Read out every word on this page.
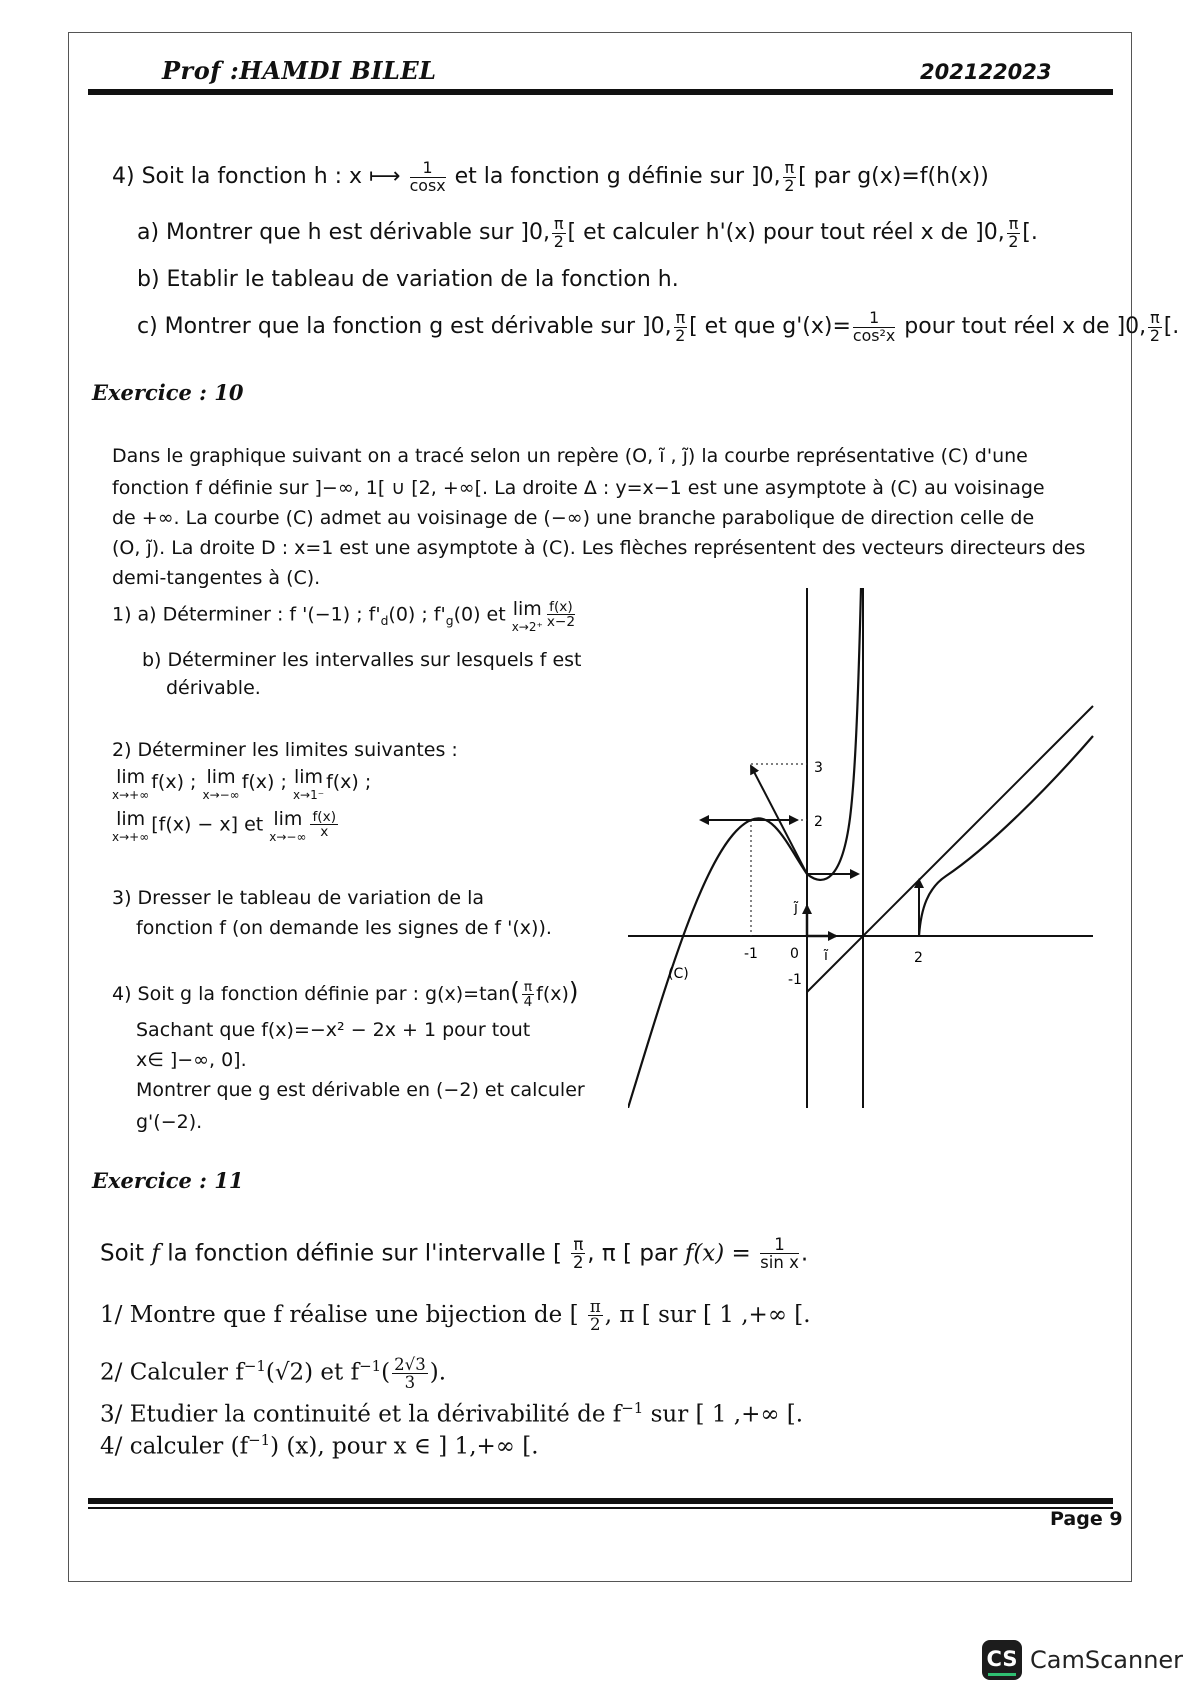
Prof :HAMDI BILEL	202122023
4) Soit la fonction h : x ⟼ $\frac{1}{\cos x}$ et la fonction g définie sur ]0, $\frac{\pi}{2}$ [ par g(x)=f(h(x))
a) Montrer que h est dérivable sur ]0, $\frac{\pi}{2}$ [ et calculer h'(x) pour tout réel x de ]0, $\frac{\pi}{2}$ [.
b) Etablir le tableau de variation de la fonction h.
c) Montrer que la fonction g est dérivable sur ]0, $\frac{\pi}{2}$ [ et que $g'(x)= \frac{1}{\text{cos²x}}$ pour tout réel x de ]0, $\frac{\pi}{2}$ [.
Exercice : 10
Dans le graphique suivant on a tracé selon un repère (O, ĩ , j̃) la courbe représentative (C) d'une
fonction f définie sur ]−∞, 1[ ∪ [2, +∞[. La droite Δ : y=x−1 est une asymptote à (C) au voisinage
de +∞. La courbe (C) admet au voisinage de (−∞) une branche parabolique de direction celle de
(O, j̃). La droite D : x=1 est une asymptote à (C). Les flèches représentent des vecteurs directeurs des
demi-tangentes à (C).
1) a) Déterminer : f '(−1) ; $f'_d(0)$ ; $f'_g(0)$ et lim
$x\to 2^+ \frac{f(x)}{x-2}$
b) Déterminer les intervalles sur lesquels f est
dérivable.
2) Déterminer les limites suivantes :
lim
x→+∞
f(x) ; lim
x→−∞
f(x) ; lim
x→1⁻
f(x) ;
lim
x→+∞
[f(x) − x] et lim
$x\to-\infty \frac{f(x)}{x}$
3) Dresser le tableau de variation de la
fonction f (on demande les signes de f '(x)).
4) Soit g la fonction définie par : $g(x)=\tan( \frac{\pi}{4} f(x))$
Sachant que f(x)=−x² − 2x + 1 pour tout
x∈ ]−∞, 0].
Montrer que g est dérivable en (−2) et calculer
g'(−2).
-1 0 ĩ	2
3
2
j̃
-1
(C)
Exercice : 11
Soit f la fonction définie sur l'intervalle [ $\frac{\pi}{2}$ , π [ par $f(x) = \frac{1}{\text{sin x}}$ .
1/ Montre que f réalise une bijection de [ $\frac{\pi}{2}$ , π [ sur [ 1 ,+∞ [.
2/ Calculer $f^{-1}(√2)$ et $f^{-1}( \frac{2√3}{3}$ ).
3/ Etudier la continuité et la dérivabilité de $f^{-1}$ sur [ 1 ,+∞ [.
4/ calculer $(f^{-1})$ (x), pour x ∈ ] 1,+∞ [.
Page 9
CS CamScanner
